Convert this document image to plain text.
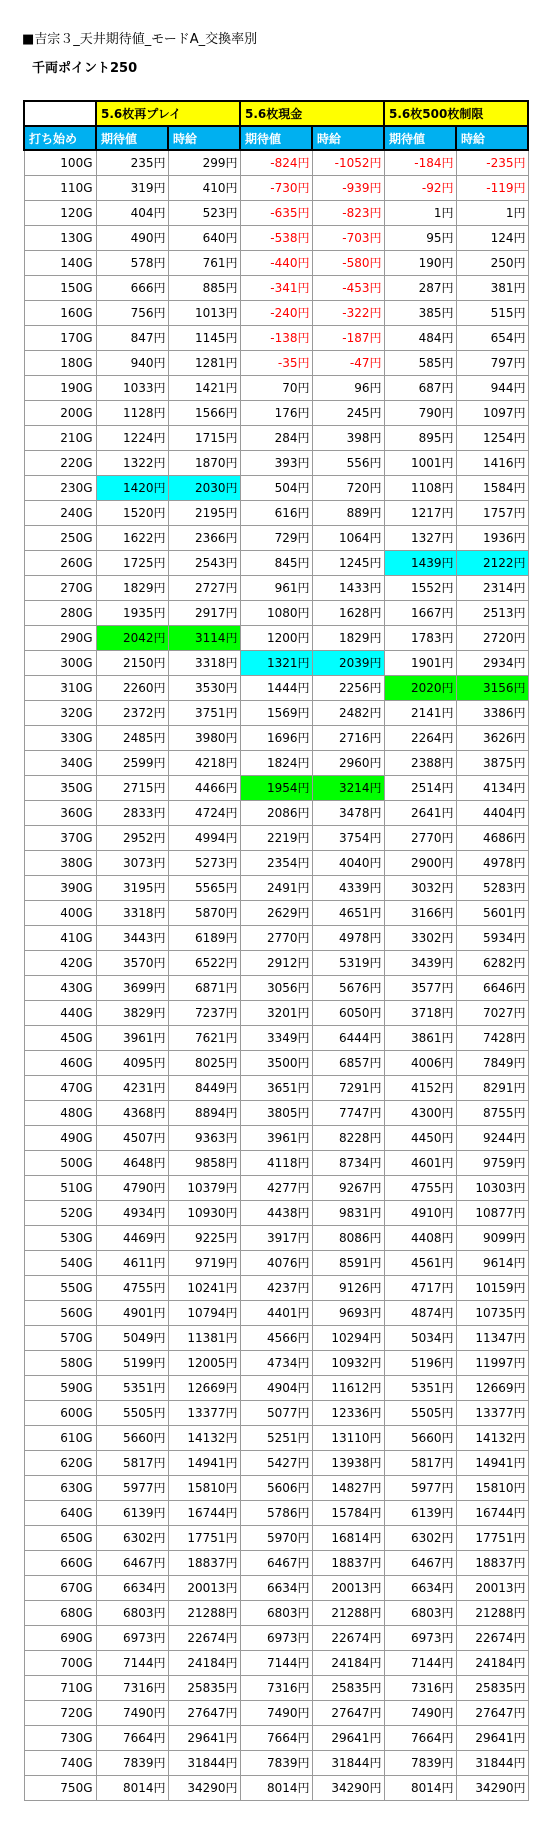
■吉宗３_天井期待値_モードA_交換率別
千両ポイント250
	5.6枚再プレイ		5.6枚現金		5.6枚500枚制限	
打ち始め	期待値	時給	期待値	時給	期待値	時給
100G	235円	299円	-824円	-1052円	-184円	-235円
110G	319円	410円	-730円	-939円	-92円	-119円
120G	404円	523円	-635円	-823円	1円	1円
130G	490円	640円	-538円	-703円	95円	124円
140G	578円	761円	-440円	-580円	190円	250円
150G	666円	885円	-341円	-453円	287円	381円
160G	756円	1013円	-240円	-322円	385円	515円
170G	847円	1145円	-138円	-187円	484円	654円
180G	940円	1281円	-35円	-47円	585円	797円
190G	1033円	1421円	70円	96円	687円	944円
200G	1128円	1566円	176円	245円	790円	1097円
210G	1224円	1715円	284円	398円	895円	1254円
220G	1322円	1870円	393円	556円	1001円	1416円
230G	1420円	2030円	504円	720円	1108円	1584円
240G	1520円	2195円	616円	889円	1217円	1757円
250G	1622円	2366円	729円	1064円	1327円	1936円
260G	1725円	2543円	845円	1245円	1439円	2122円
270G	1829円	2727円	961円	1433円	1552円	2314円
280G	1935円	2917円	1080円	1628円	1667円	2513円
290G	2042円	3114円	1200円	1829円	1783円	2720円
300G	2150円	3318円	1321円	2039円	1901円	2934円
310G	2260円	3530円	1444円	2256円	2020円	3156円
320G	2372円	3751円	1569円	2482円	2141円	3386円
330G	2485円	3980円	1696円	2716円	2264円	3626円
340G	2599円	4218円	1824円	2960円	2388円	3875円
350G	2715円	4466円	1954円	3214円	2514円	4134円
360G	2833円	4724円	2086円	3478円	2641円	4404円
370G	2952円	4994円	2219円	3754円	2770円	4686円
380G	3073円	5273円	2354円	4040円	2900円	4978円
390G	3195円	5565円	2491円	4339円	3032円	5283円
400G	3318円	5870円	2629円	4651円	3166円	5601円
410G	3443円	6189円	2770円	4978円	3302円	5934円
420G	3570円	6522円	2912円	5319円	3439円	6282円
430G	3699円	6871円	3056円	5676円	3577円	6646円
440G	3829円	7237円	3201円	6050円	3718円	7027円
450G	3961円	7621円	3349円	6444円	3861円	7428円
460G	4095円	8025円	3500円	6857円	4006円	7849円
470G	4231円	8449円	3651円	7291円	4152円	8291円
480G	4368円	8894円	3805円	7747円	4300円	8755円
490G	4507円	9363円	3961円	8228円	4450円	9244円
500G	4648円	9858円	4118円	8734円	4601円	9759円
510G	4790円	10379円	4277円	9267円	4755円	10303円
520G	4934円	10930円	4438円	9831円	4910円	10877円
530G	4469円	9225円	3917円	8086円	4408円	9099円
540G	4611円	9719円	4076円	8591円	4561円	9614円
550G	4755円	10241円	4237円	9126円	4717円	10159円
560G	4901円	10794円	4401円	9693円	4874円	10735円
570G	5049円	11381円	4566円	10294円	5034円	11347円
580G	5199円	12005円	4734円	10932円	5196円	11997円
590G	5351円	12669円	4904円	11612円	5351円	12669円
600G	5505円	13377円	5077円	12336円	5505円	13377円
610G	5660円	14132円	5251円	13110円	5660円	14132円
620G	5817円	14941円	5427円	13938円	5817円	14941円
630G	5977円	15810円	5606円	14827円	5977円	15810円
640G	6139円	16744円	5786円	15784円	6139円	16744円
650G	6302円	17751円	5970円	16814円	6302円	17751円
660G	6467円	18837円	6467円	18837円	6467円	18837円
670G	6634円	20013円	6634円	20013円	6634円	20013円
680G	6803円	21288円	6803円	21288円	6803円	21288円
690G	6973円	22674円	6973円	22674円	6973円	22674円
700G	7144円	24184円	7144円	24184円	7144円	24184円
710G	7316円	25835円	7316円	25835円	7316円	25835円
720G	7490円	27647円	7490円	27647円	7490円	27647円
730G	7664円	29641円	7664円	29641円	7664円	29641円
740G	7839円	31844円	7839円	31844円	7839円	31844円
750G	8014円	34290円	8014円	34290円	8014円	34290円
